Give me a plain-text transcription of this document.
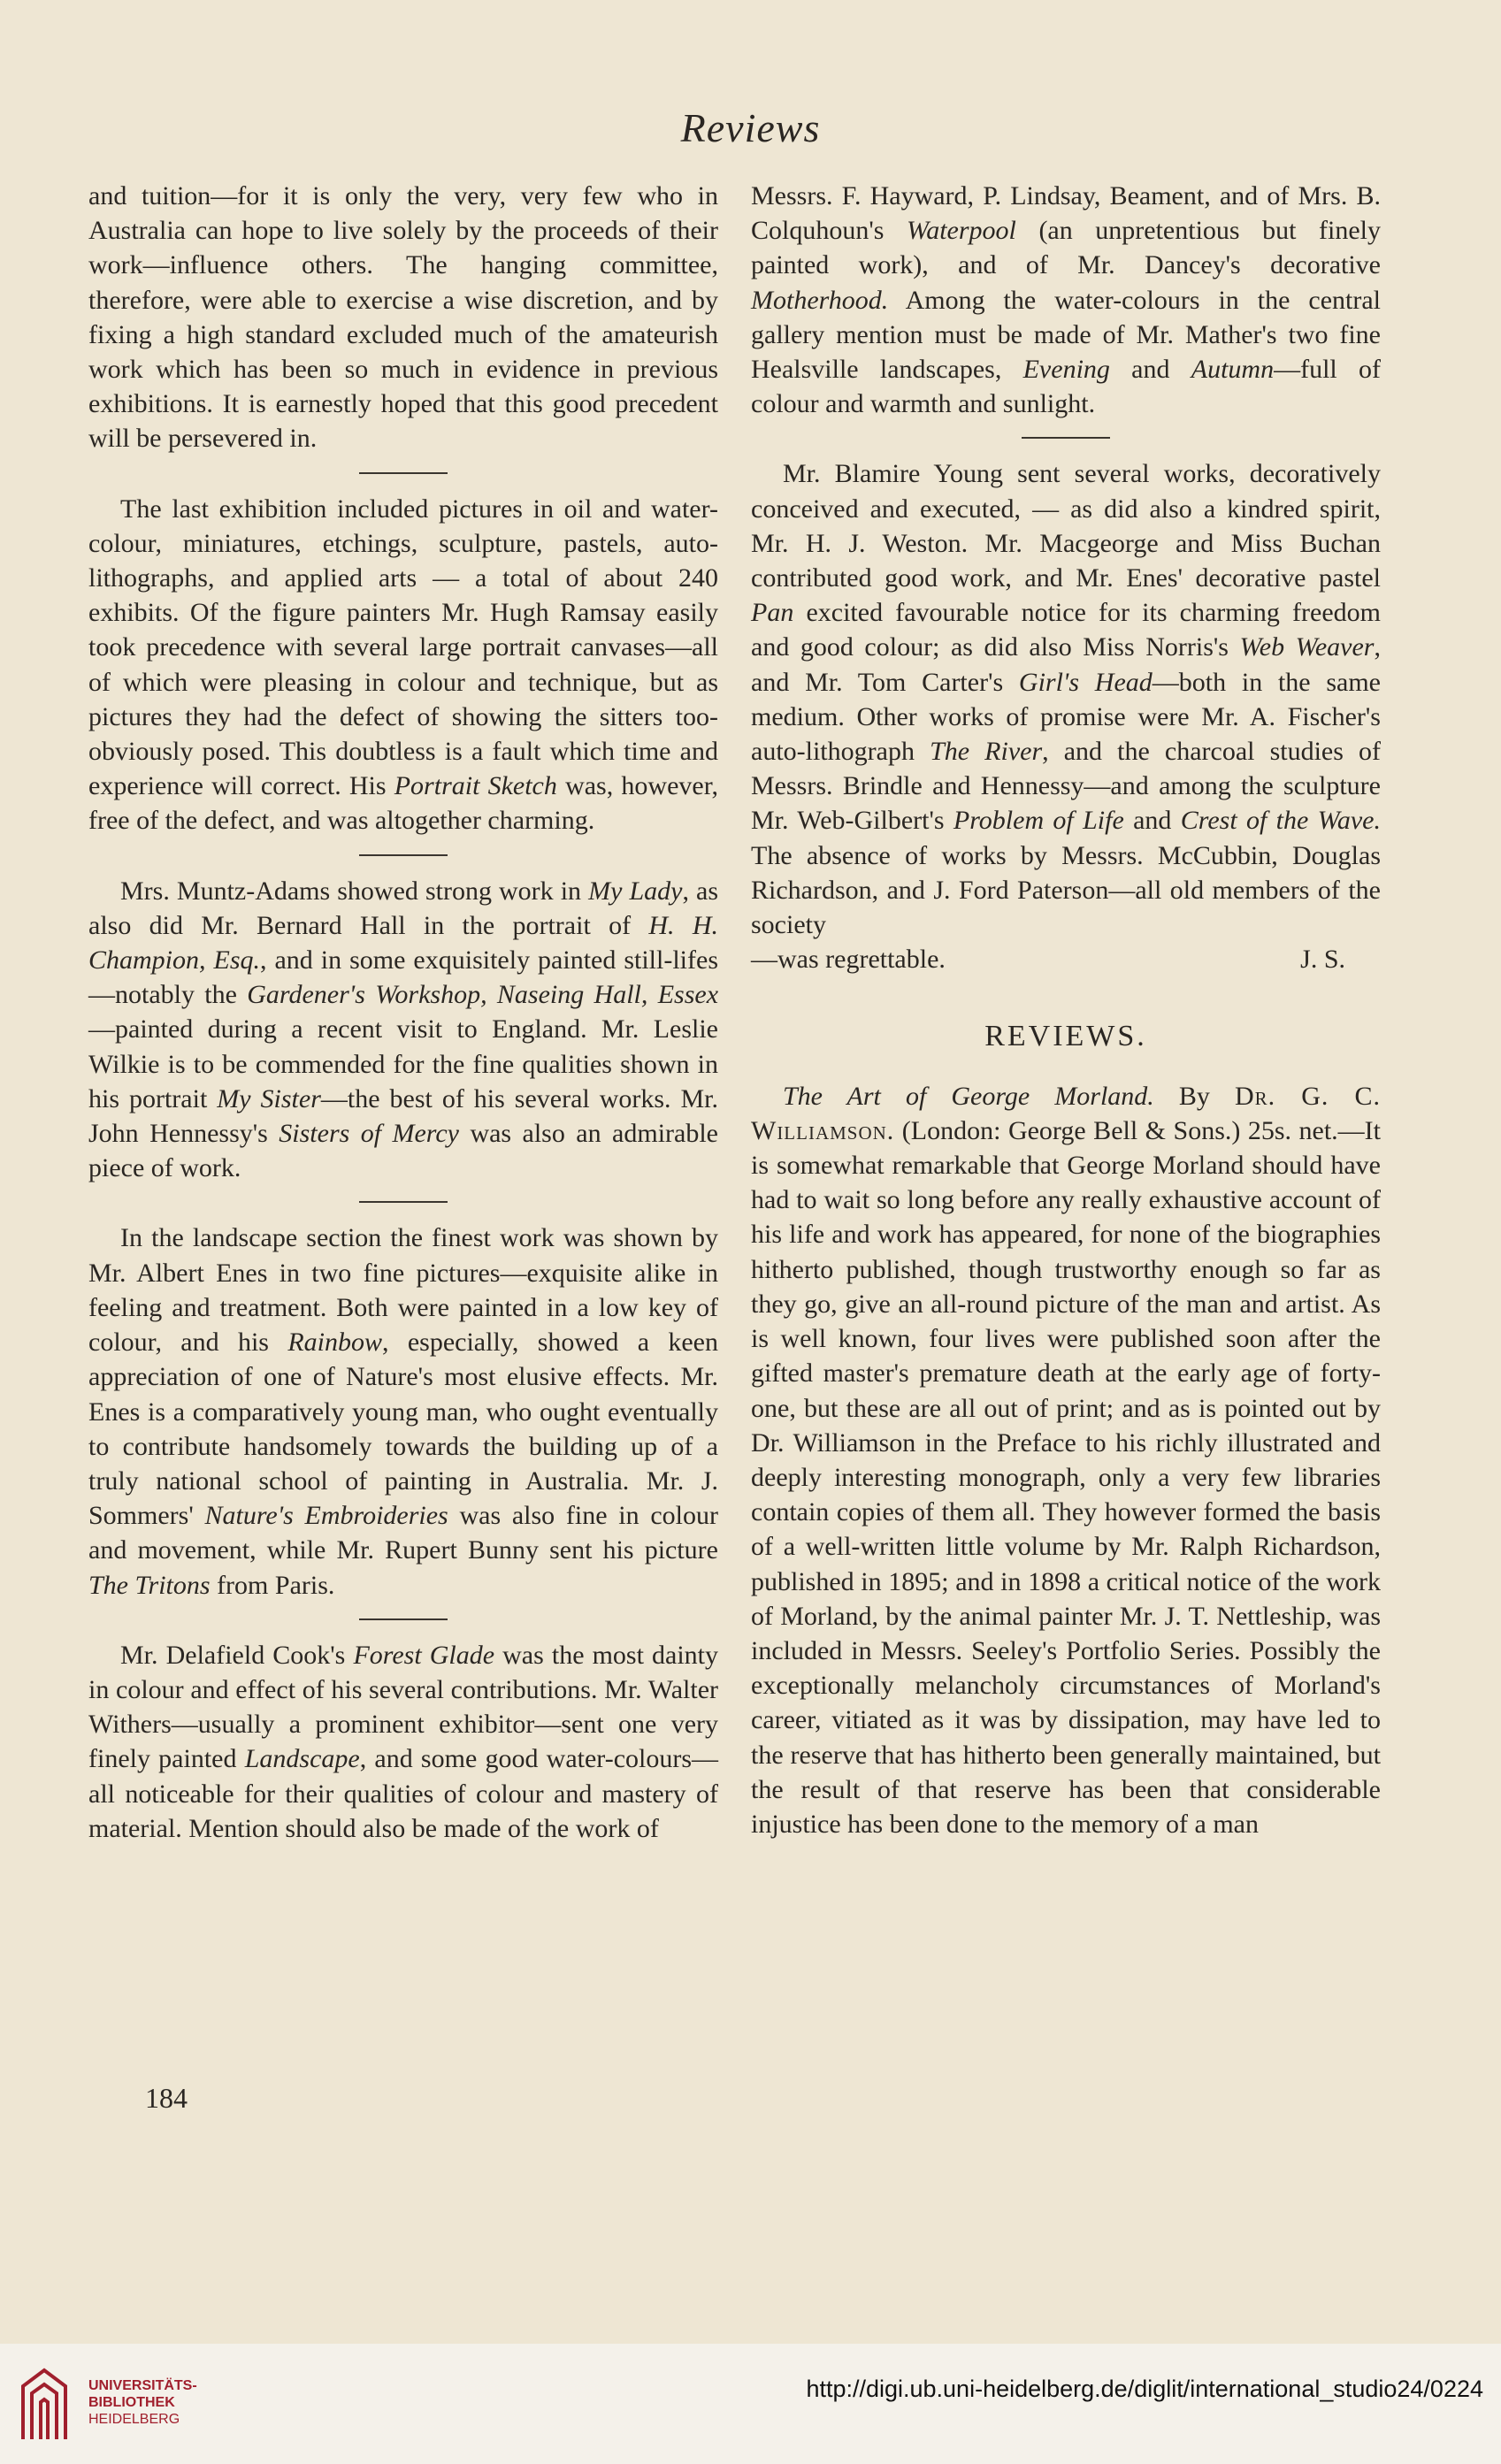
Reviews

and tuition—for it is only the very, very few who in Australia can hope to live solely by the proceeds of their work—influence others. The hanging committee, therefore, were able to exercise a wise discretion, and by fixing a high standard excluded much of the amateurish work which has been so much in evidence in previous exhibitions. It is earnestly hoped that this good precedent will be persevered in.

The last exhibition included pictures in oil and water-colour, miniatures, etchings, sculpture, pastels, auto-lithographs, and applied arts — a total of about 240 exhibits. Of the figure painters Mr. Hugh Ramsay easily took precedence with several large portrait canvases—all of which were pleasing in colour and technique, but as pictures they had the defect of showing the sitters too-obviously posed. This doubtless is a fault which time and experience will correct. His Portrait Sketch was, however, free of the defect, and was altogether charming.

Mrs. Muntz-Adams showed strong work in My Lady, as also did Mr. Bernard Hall in the portrait of H. H. Champion, Esq., and in some exquisitely painted still-lifes—notably the Gardener's Workshop, Naseing Hall, Essex —painted during a recent visit to England. Mr. Leslie Wilkie is to be commended for the fine qualities shown in his portrait My Sister—the best of his several works. Mr. John Hennessy's Sisters of Mercy was also an admirable piece of work.

In the landscape section the finest work was shown by Mr. Albert Enes in two fine pictures—exquisite alike in feeling and treatment. Both were painted in a low key of colour, and his Rainbow, especially, showed a keen appreciation of one of Nature's most elusive effects. Mr. Enes is a comparatively young man, who ought eventually to contribute handsomely towards the building up of a truly national school of painting in Australia. Mr. J. Sommers' Nature's Embroideries was also fine in colour and movement, while Mr. Rupert Bunny sent his picture The Tritons from Paris.

Mr. Delafield Cook's Forest Glade was the most dainty in colour and effect of his several contributions. Mr. Walter Withers—usually a prominent exhibitor—sent one very finely painted Landscape, and some good water-colours—all noticeable for their qualities of colour and mastery of material. Mention should also be made of the work of

Messrs. F. Hayward, P. Lindsay, Beament, and of Mrs. B. Colquhoun's Waterpool (an unpretentious but finely painted work), and of Mr. Dancey's decorative Motherhood. Among the water-colours in the central gallery mention must be made of Mr. Mather's two fine Healsville landscapes, Evening and Autumn—full of colour and warmth and sunlight.

Mr. Blamire Young sent several works, decoratively conceived and executed, — as did also a kindred spirit, Mr. H. J. Weston. Mr. Macgeorge and Miss Buchan contributed good work, and Mr. Enes' decorative pastel Pan excited favourable notice for its charming freedom and good colour; as did also Miss Norris's Web Weaver, and Mr. Tom Carter's Girl's Head—both in the same medium. Other works of promise were Mr. A. Fischer's auto-lithograph The River, and the charcoal studies of Messrs. Brindle and Hennessy—and among the sculpture Mr. Web-Gilbert's Problem of Life and Crest of the Wave. The absence of works by Messrs. McCubbin, Douglas Richardson, and J. Ford Paterson—all old members of the society

—was regrettable.	J. S.
REVIEWS.

The Art of George Morland. By Dr. G. C. Williamson. (London: George Bell & Sons.) 25s. net.—It is somewhat remarkable that George Morland should have had to wait so long before any really exhaustive account of his life and work has appeared, for none of the biographies hitherto published, though trustworthy enough so far as they go, give an all-round picture of the man and artist. As is well known, four lives were published soon after the gifted master's premature death at the early age of forty-one, but these are all out of print; and as is pointed out by Dr. Williamson in the Preface to his richly illustrated and deeply interesting monograph, only a very few libraries contain copies of them all. They however formed the basis of a well-written little volume by Mr. Ralph Richardson, published in 1895; and in 1898 a critical notice of the work of Morland, by the animal painter Mr. J. T. Nettleship, was included in Messrs. Seeley's Portfolio Series. Possibly the exceptionally melancholy circumstances of Morland's career, vitiated as it was by dissipation, may have led to the reserve that has hitherto been generally maintained, but the result of that reserve has been that considerable injustice has been done to the memory of a man

184
UNIVERSITÄTS-
BIBLIOTHEK
HEIDELBERG
http://digi.ub.uni-heidelberg.de/diglit/international_studio24/0224
